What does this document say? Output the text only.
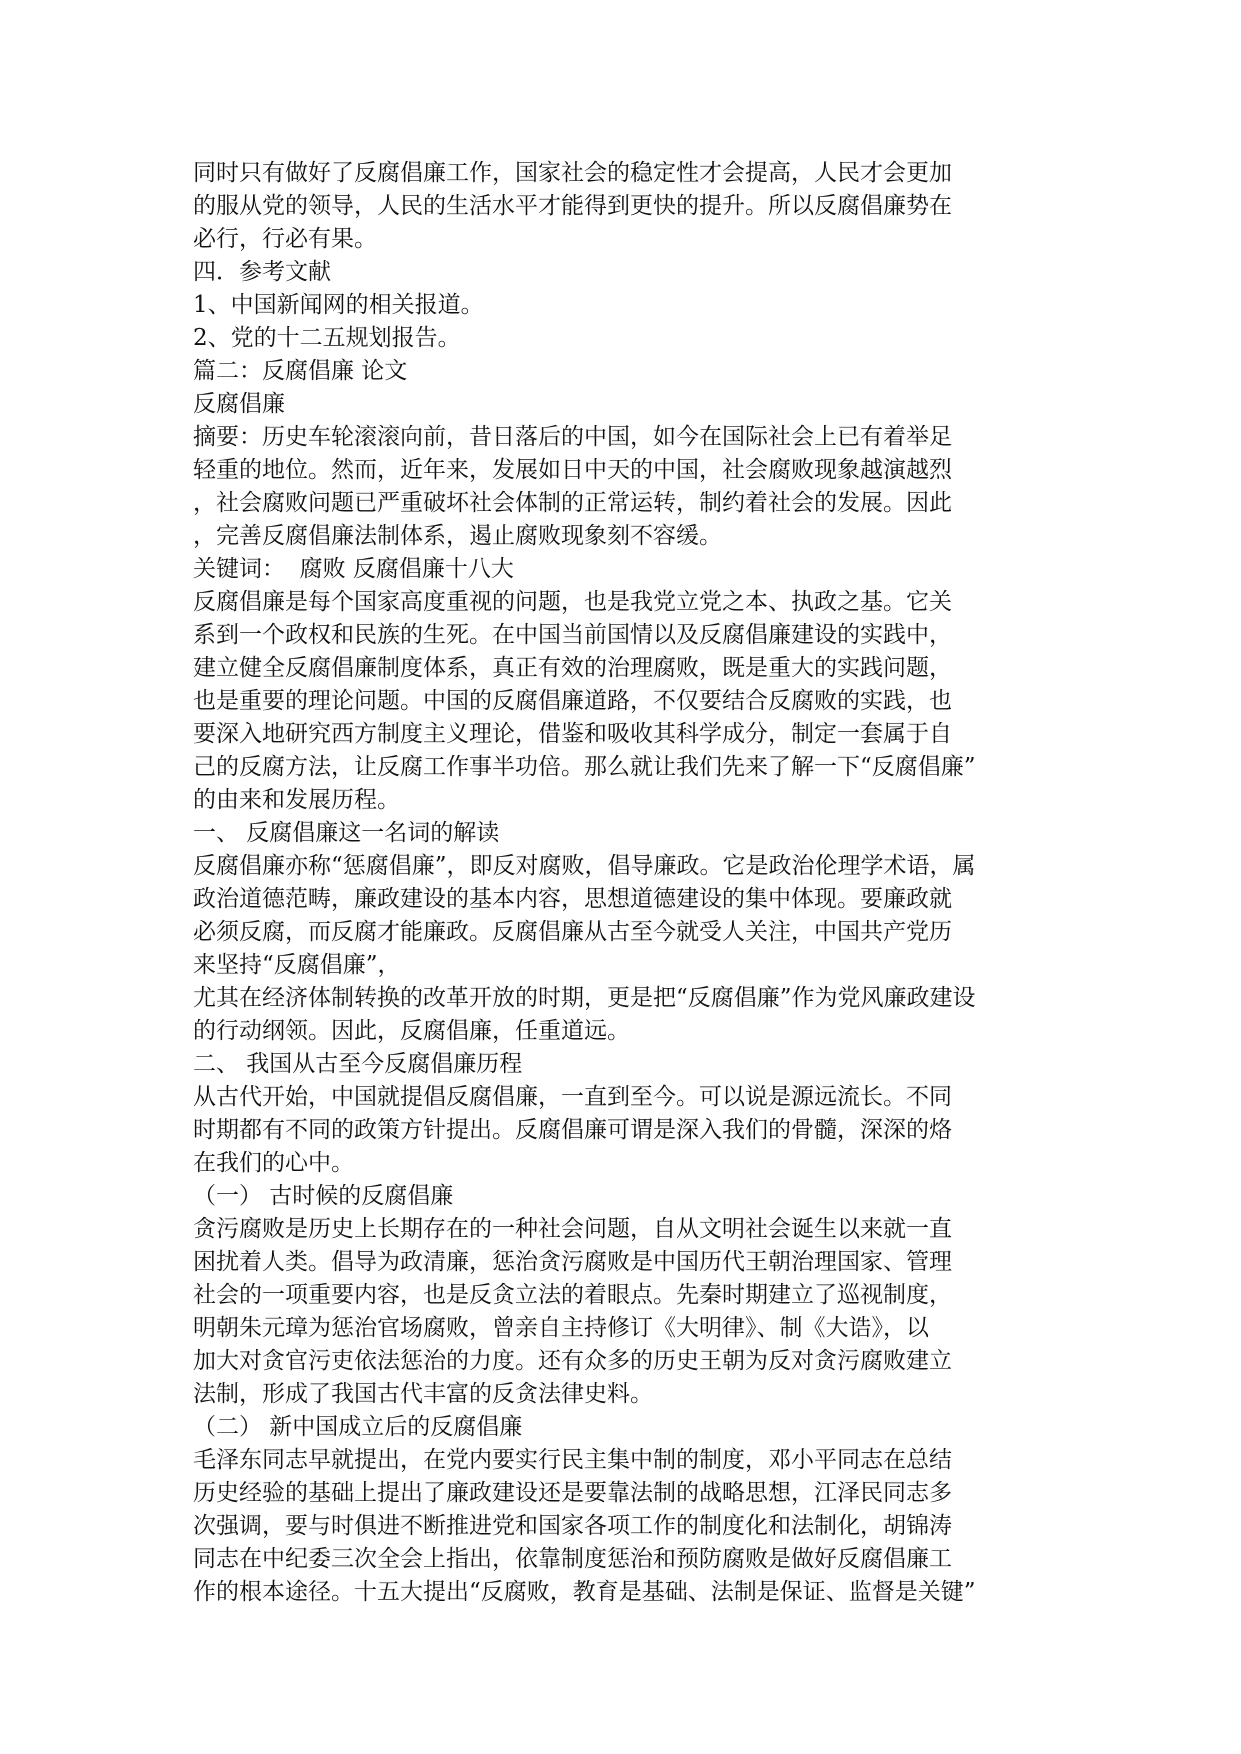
同时只有做好了反腐倡廉工作，国家社会的稳定性才会提高，人民才会更加
的服从党的领导，人民的生活水平才能得到更快的提升。所以反腐倡廉势在
必行，行必有果。
四．参考文献
1、中国新闻网的相关报道。
2、党的十二五规划报告。
篇二：反腐倡廉 论文
反腐倡廉
摘要：历史车轮滚滚向前，昔日落后的中国，如今在国际社会上已有着举足
轻重的地位。然而，近年来，发展如日中天的中国，社会腐败现象越演越烈
，社会腐败问题已严重破坏社会体制的正常运转，制约着社会的发展。因此
，完善反腐倡廉法制体系，遏止腐败现象刻不容缓。
关键词：  腐败 反腐倡廉十八大
反腐倡廉是每个国家高度重视的问题，也是我党立党之本、执政之基。它关
系到一个政权和民族的生死。在中国当前国情以及反腐倡廉建设的实践中，
建立健全反腐倡廉制度体系，真正有效的治理腐败，既是重大的实践问题，
也是重要的理论问题。中国的反腐倡廉道路，不仅要结合反腐败的实践，也
要深入地研究西方制度主义理论，借鉴和吸收其科学成分，制定一套属于自
己的反腐方法，让反腐工作事半功倍。那么就让我们先来了解一下“反腐倡廉”
的由来和发展历程。
一、 反腐倡廉这一名词的解读
反腐倡廉亦称“惩腐倡廉”，即反对腐败，倡导廉政。它是政治伦理学术语，属
政治道德范畴，廉政建设的基本内容，思想道德建设的集中体现。要廉政就
必须反腐，而反腐才能廉政。反腐倡廉从古至今就受人关注，中国共产党历
来坚持“反腐倡廉”，
尤其在经济体制转换的改革开放的时期，更是把“反腐倡廉”作为党风廉政建设
的行动纲领。因此，反腐倡廉，任重道远。
二、 我国从古至今反腐倡廉历程
从古代开始，中国就提倡反腐倡廉，一直到至今。可以说是源远流长。不同
时期都有不同的政策方针提出。反腐倡廉可谓是深入我们的骨髓，深深的烙
在我们的心中。
（一） 古时候的反腐倡廉
贪污腐败是历史上长期存在的一种社会问题，自从文明社会诞生以来就一直
困扰着人类。倡导为政清廉，惩治贪污腐败是中国历代王朝治理国家、管理
社会的一项重要内容，也是反贪立法的着眼点。先秦时期建立了巡视制度，
明朝朱元璋为惩治官场腐败，曾亲自主持修订《大明律》、制《大诰》，以
加大对贪官污吏依法惩治的力度。还有众多的历史王朝为反对贪污腐败建立
法制，形成了我国古代丰富的反贪法律史料。
（二） 新中国成立后的反腐倡廉
毛泽东同志早就提出，在党内要实行民主集中制的制度，邓小平同志在总结
历史经验的基础上提出了廉政建设还是要靠法制的战略思想，江泽民同志多
次强调，要与时俱进不断推进党和国家各项工作的制度化和法制化，胡锦涛
同志在中纪委三次全会上指出，依靠制度惩治和预防腐败是做好反腐倡廉工
作的根本途径。十五大提出“反腐败，教育是基础、法制是保证、监督是关键”
